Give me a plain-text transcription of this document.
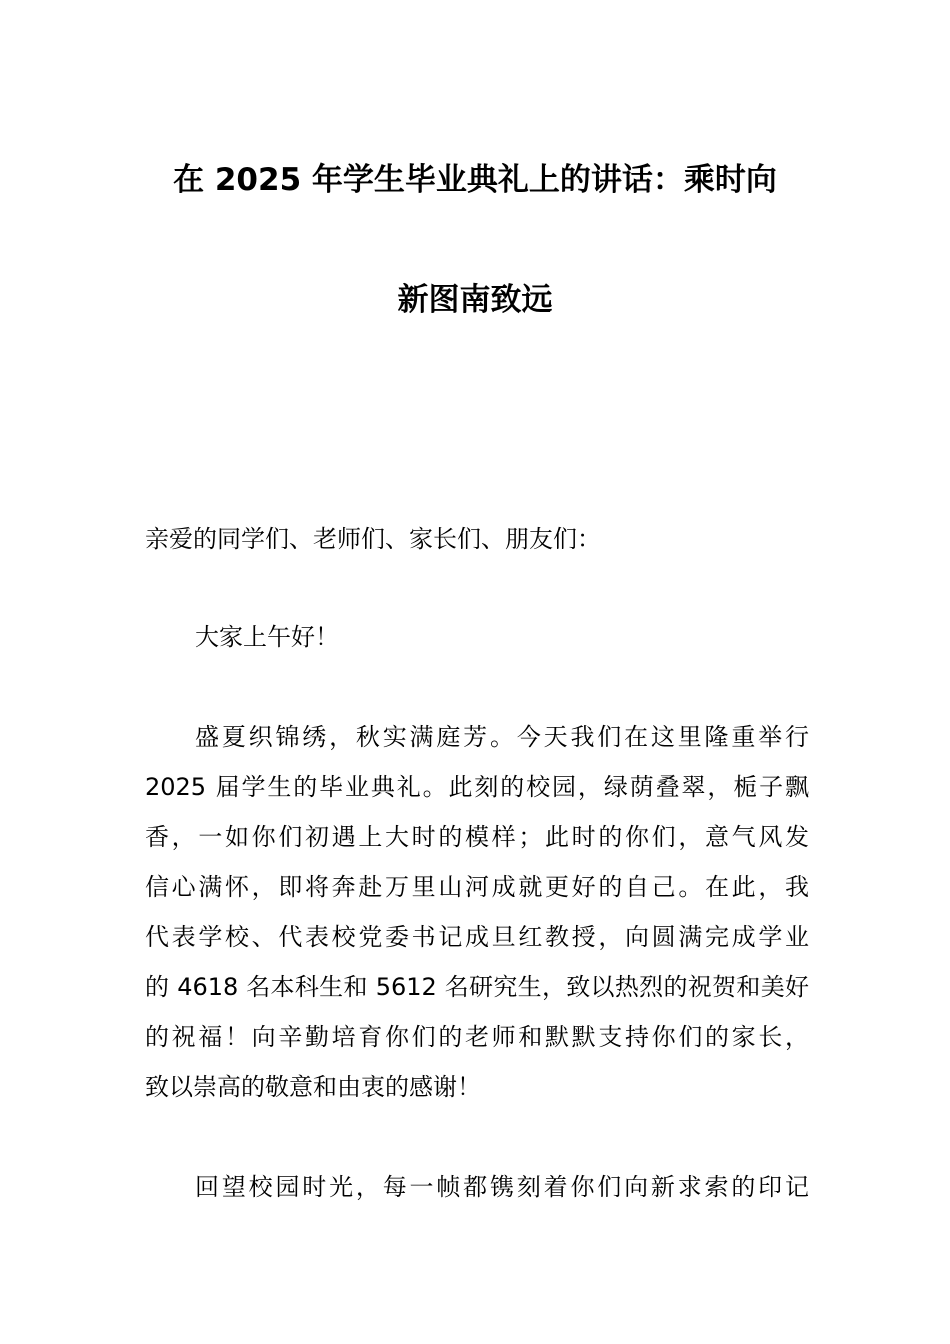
在 2025 年学生毕业典礼上的讲话：乘时向
新图南致远
亲爱的同学们、老师们、家长们、朋友们：
大家上午好！
盛夏织锦绣，秋实满庭芳。今天我们在这里隆重举行
2025 届学生的毕业典礼。此刻的校园，绿荫叠翠，栀子飘
香，一如你们初遇上大时的模样；此时的你们，意气风发
信心满怀，即将奔赴万里山河成就更好的自己。在此，我
代表学校、代表校党委书记成旦红教授，向圆满完成学业
的 4618 名本科生和 5612 名研究生，致以热烈的祝贺和美好
的祝福！向辛勤培育你们的老师和默默支持你们的家长，
致以崇高的敬意和由衷的感谢！
回望校园时光，每一帧都镌刻着你们向新求索的印记
